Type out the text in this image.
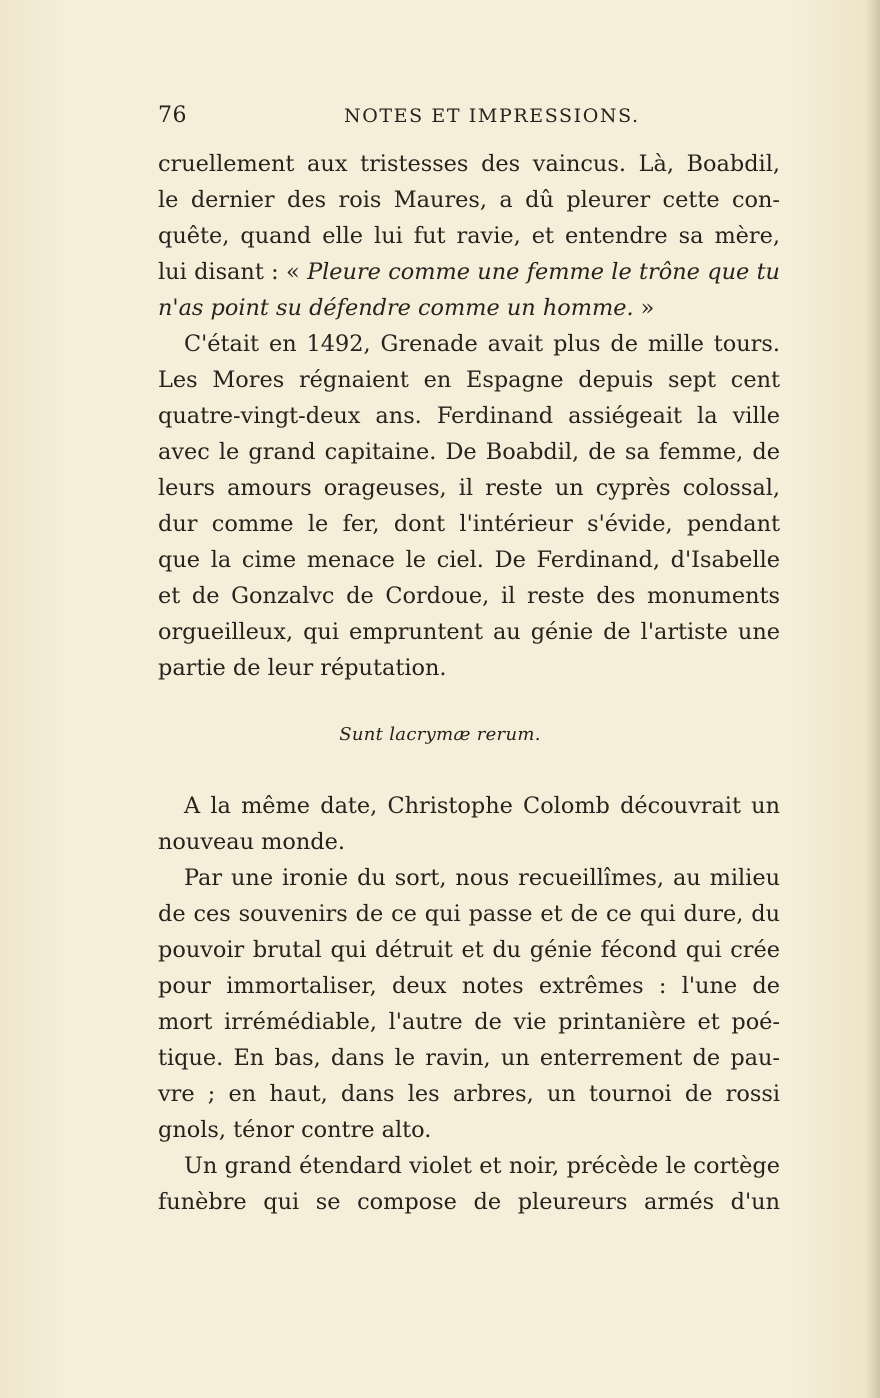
76	NOTES ET IMPRESSIONS.
cruellement aux tristesses des vaincus. Là, Boabdil,
le dernier des rois Maures, a dû pleurer cette con-
quête, quand elle lui fut ravie, et entendre sa mère,
lui disant : « Pleure comme une femme le trône que tu
n'as point su défendre comme un homme. »
C'était en 1492, Grenade avait plus de mille tours.
Les Mores régnaient en Espagne depuis sept cent
quatre-vingt-deux ans. Ferdinand assiégeait la ville
avec le grand capitaine. De Boabdil, de sa femme, de
leurs amours orageuses, il reste un cyprès colossal,
dur comme le fer, dont l'intérieur s'évide, pendant
que la cime menace le ciel. De Ferdinand, d'Isabelle
et de Gonzalvc de Cordoue, il reste des monuments
orgueilleux, qui empruntent au génie de l'artiste une
partie de leur réputation.
Sunt lacrymæ rerum.
A la même date, Christophe Colomb découvrait un
nouveau monde.
Par une ironie du sort, nous recueillîmes, au milieu
de ces souvenirs de ce qui passe et de ce qui dure, du
pouvoir brutal qui détruit et du génie fécond qui crée
pour immortaliser, deux notes extrêmes : l'une de
mort irrémédiable, l'autre de vie printanière et poé-
tique. En bas, dans le ravin, un enterrement de pau-
vre ; en haut, dans les arbres, un tournoi de rossi
gnols, ténor contre alto.
Un grand étendard violet et noir, précède le cortège
funèbre qui se compose de pleureurs armés d'un
